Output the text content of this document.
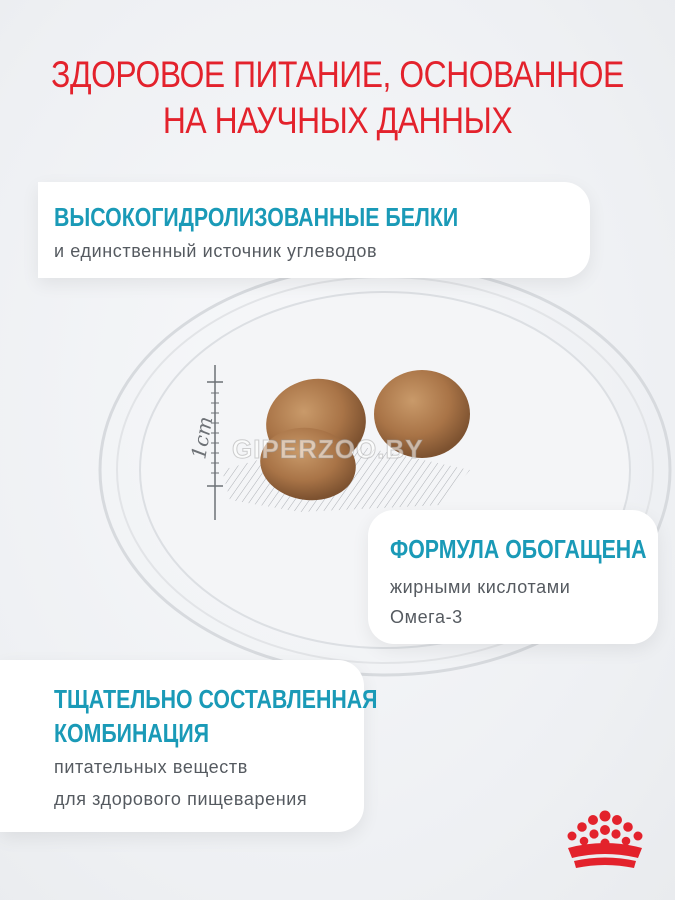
1cm GIPERZOO.BY
ЗДОРОВОЕ ПИТАНИЕ, ОСНОВАННОЕ
НА НАУЧНЫХ ДАННЫХ
ВЫСОКОГИДРОЛИЗОВАННЫЕ БЕЛКИ
и единственный источник углеводов
ФОРМУЛА ОБОГАЩЕНА
жирными кислотами
Омега-3
ТЩАТЕЛЬНО СОСТАВЛЕННАЯ
КОМБИНАЦИЯ
питательных веществ
для здорового пищеварения
